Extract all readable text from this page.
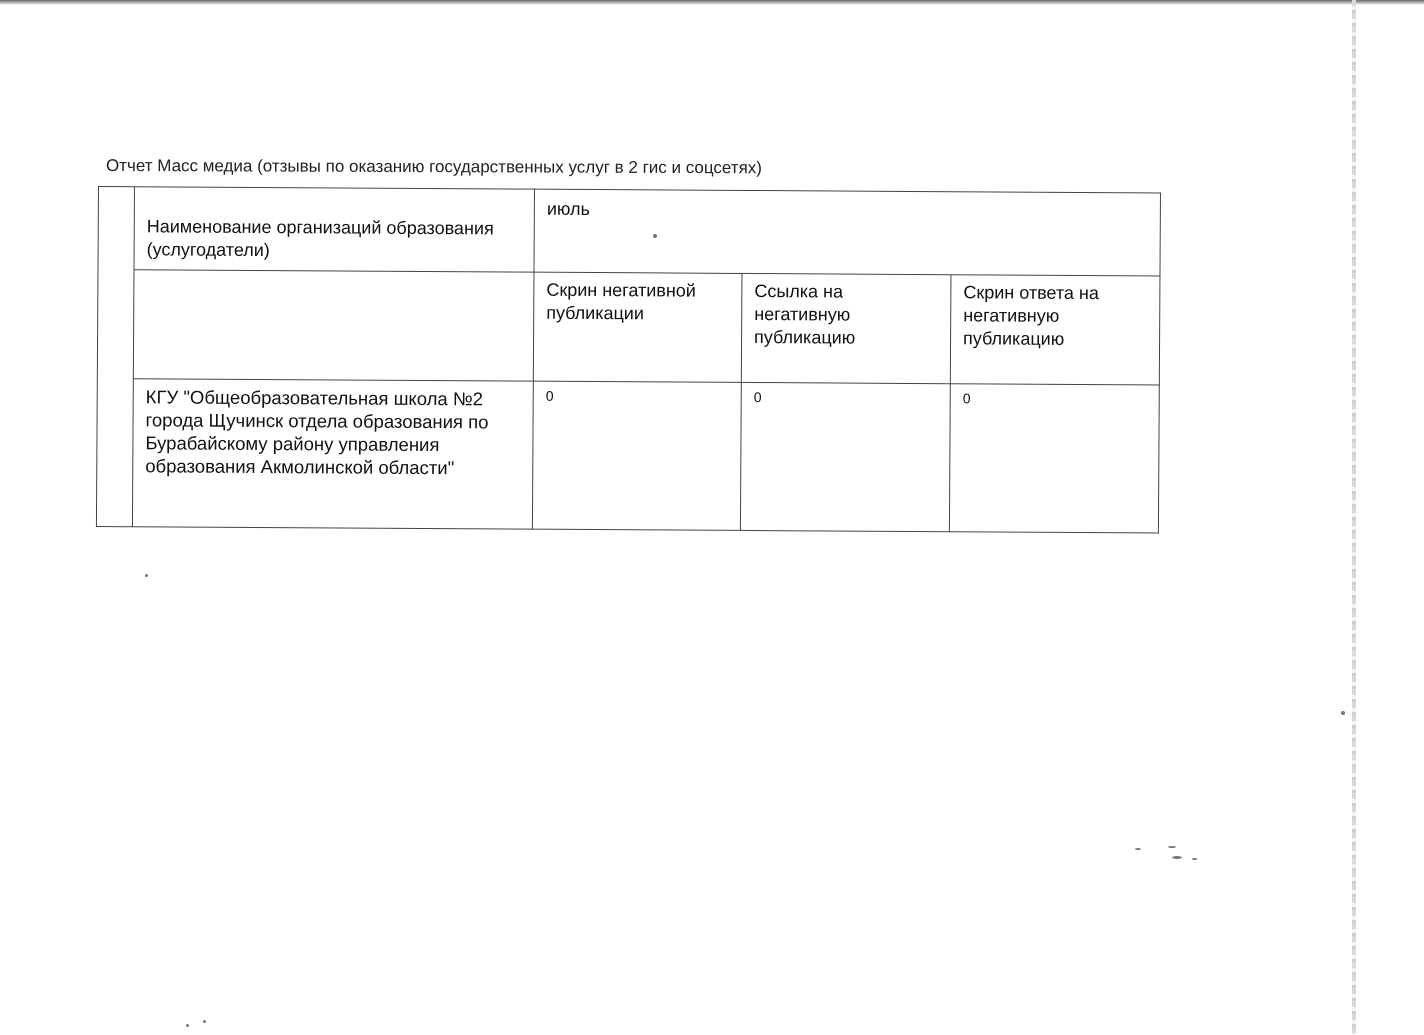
Отчет Масс медиа (отзывы по оказанию государственных услуг в 2 гис и соцсетях)

	Наименование организаций образования (услугодатели)	июль		

		Скрин негативной публикации	Ссылка на негативную публикацию	Скрин ответа на негативную публикацию

	КГУ "Общеобразовательная школа №2 города Щучинск отдела образования по Бурабайскому району управления образования Акмолинской области"	0	0	0
